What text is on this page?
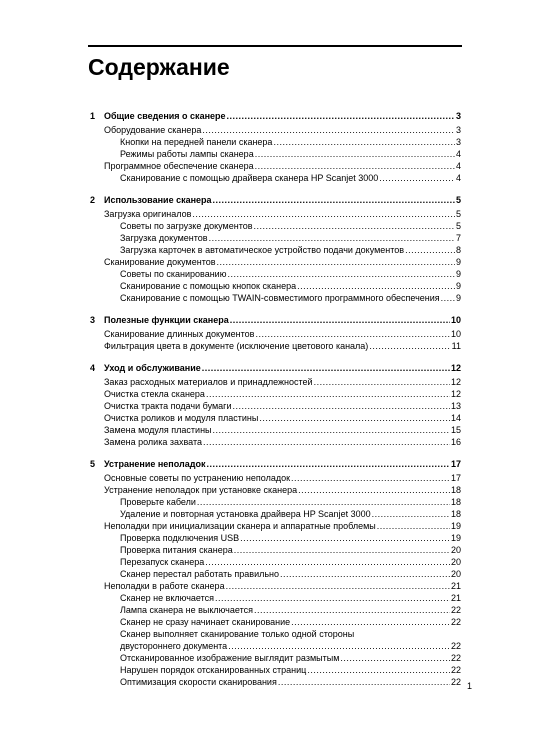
Содержание
1 Общие сведения о сканере .....	3
Оборудование сканера .....	3
Кнопки на передней панели сканера .....	3
Режимы работы лампы сканера .....	4
Программное обеспечение сканера .....	4
Сканирование с помощью драйвера сканера HP Scanjet 3000 .....	4
2 Использование сканера .....	5
Загрузка оригиналов .....	5
Советы по загрузке документов .....	5
Загрузка документов .....	7
Загрузка карточек в автоматическое устройство подачи документов .....	8
Сканирование документов .....	9
Советы по сканированию .....	9
Сканирование с помощью кнопок сканера .....	9
Сканирование с помощью TWAIN-совместимого программного обеспечения ..... 9
3 Полезные функции сканера .....	10
Сканирование длинных документов .....	10
Фильтрация цвета в документе (исключение цветового канала) .....	11
4 Уход и обслуживание .....	12
Заказ расходных материалов и принадлежностей .....	12
Очистка стекла сканера .....	12
Очистка тракта подачи бумаги .....	13
Очистка роликов и модуля пластины .....	14
Замена модуля пластины .....	15
Замена ролика захвата .....	16
5 Устранение неполадок .....	17
Основные советы по устранению неполадок .....	17
Устранение неполадок при установке сканера .....	18
Проверьте кабели .....	18
Удаление и повторная установка драйвера HP Scanjet 3000 .....	18
Неполадки при инициализации сканера и аппаратные проблемы .....	19
Проверка подключения USB .....	19
Проверка питания сканера .....	20
Перезапуск сканера .....	20
Сканер перестал работать правильно .....	20
Неполадки в работе сканера .....	21
Сканер не включается .....	21
Лампа сканера не выключается .....	22
Сканер не сразу начинает сканирование .....	22
Сканер выполняет сканирование только одной стороны
двустороннего документа .....	22
Отсканированное изображение выглядит размытым .....	22
Нарушен порядок отсканированных страниц .....	22
Оптимизация скорости сканирования .....	22 1
